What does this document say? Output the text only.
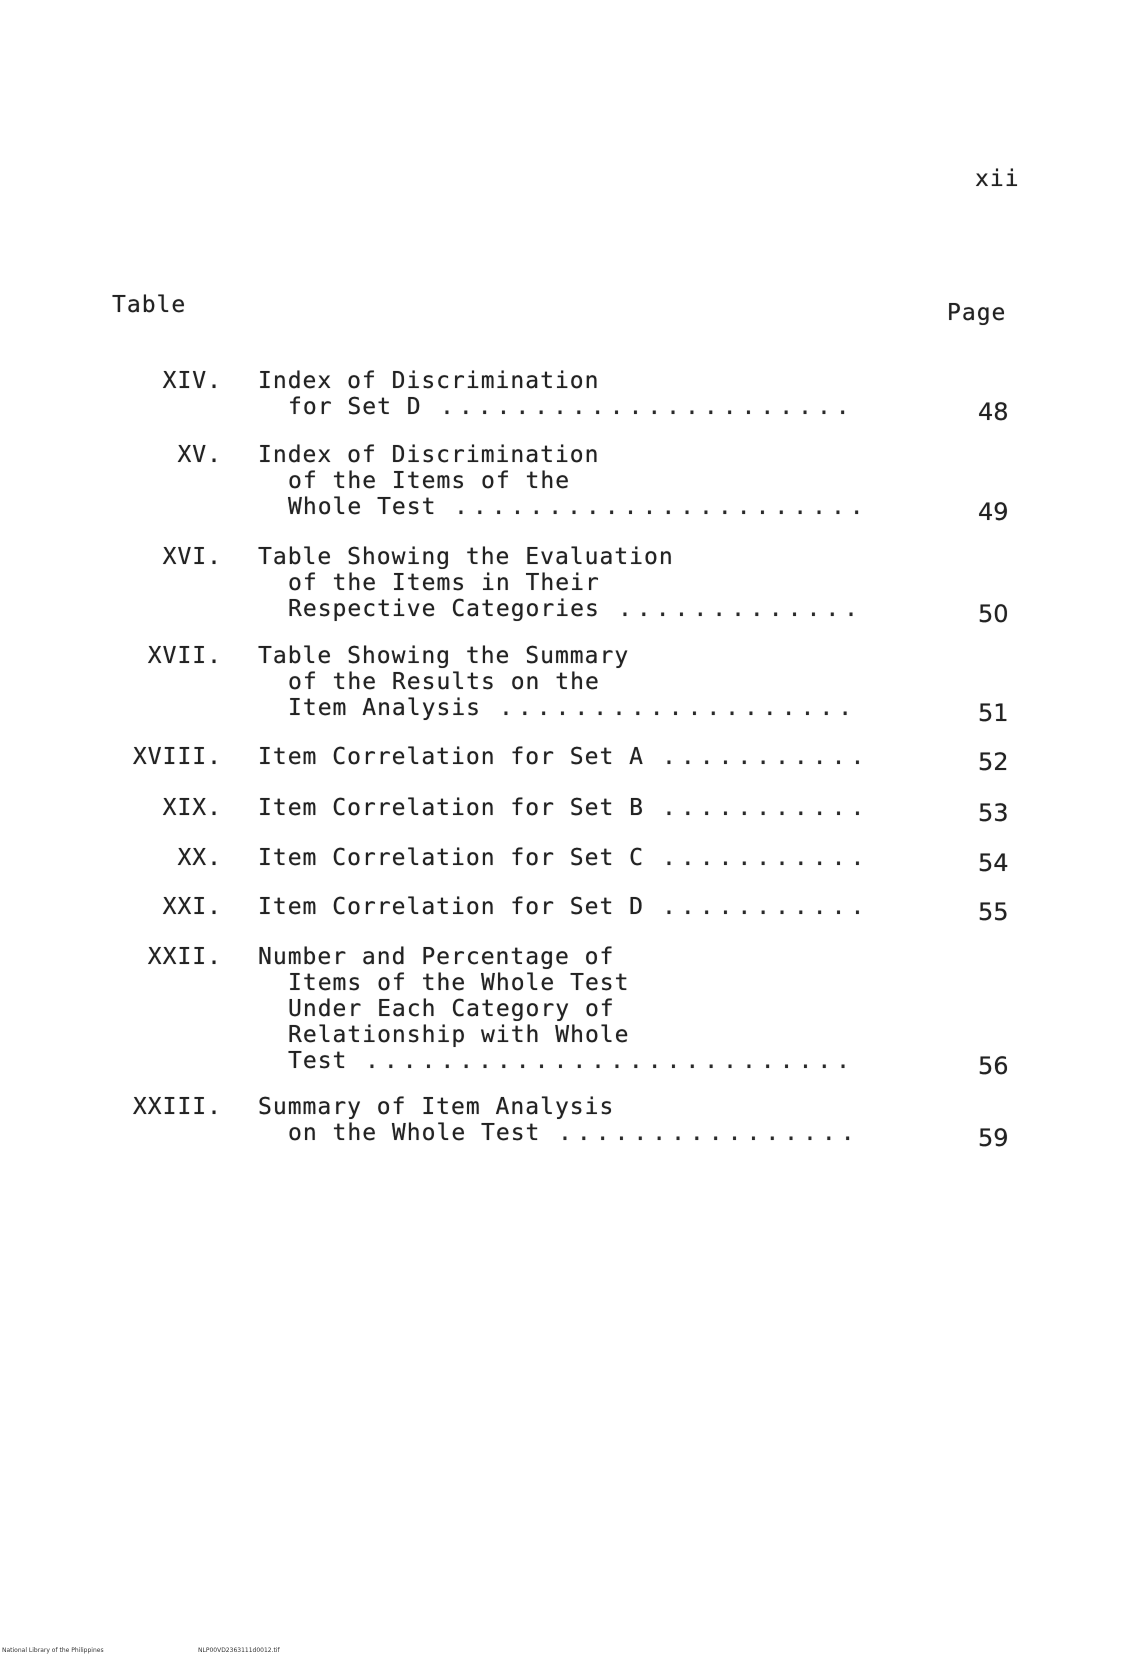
xii
Table	Page
XIV. Index of Discrimination
for Set D ......................	48
XV. Index of Discrimination
of the Items of the
Whole Test ......................	49
XVI. Table Showing the Evaluation
of the Items in Their
Respective Categories .............	50
XVII. Table Showing the Summary
of the Results on the
Item Analysis ...................	51
XVIII. Item Correlation for Set A ...........	52
XIX. Item Correlation for Set B ...........	53
XX. Item Correlation for Set C ...........	54
XXI. Item Correlation for Set D ...........	55
XXII. Number and Percentage of
Items of the Whole Test
Under Each Category of
Relationship with Whole
Test ..........................	56
XXIII. Summary of Item Analysis
on the Whole Test ................	59
National Library of the Philippines	NLP00VD2363111d0012.tif
